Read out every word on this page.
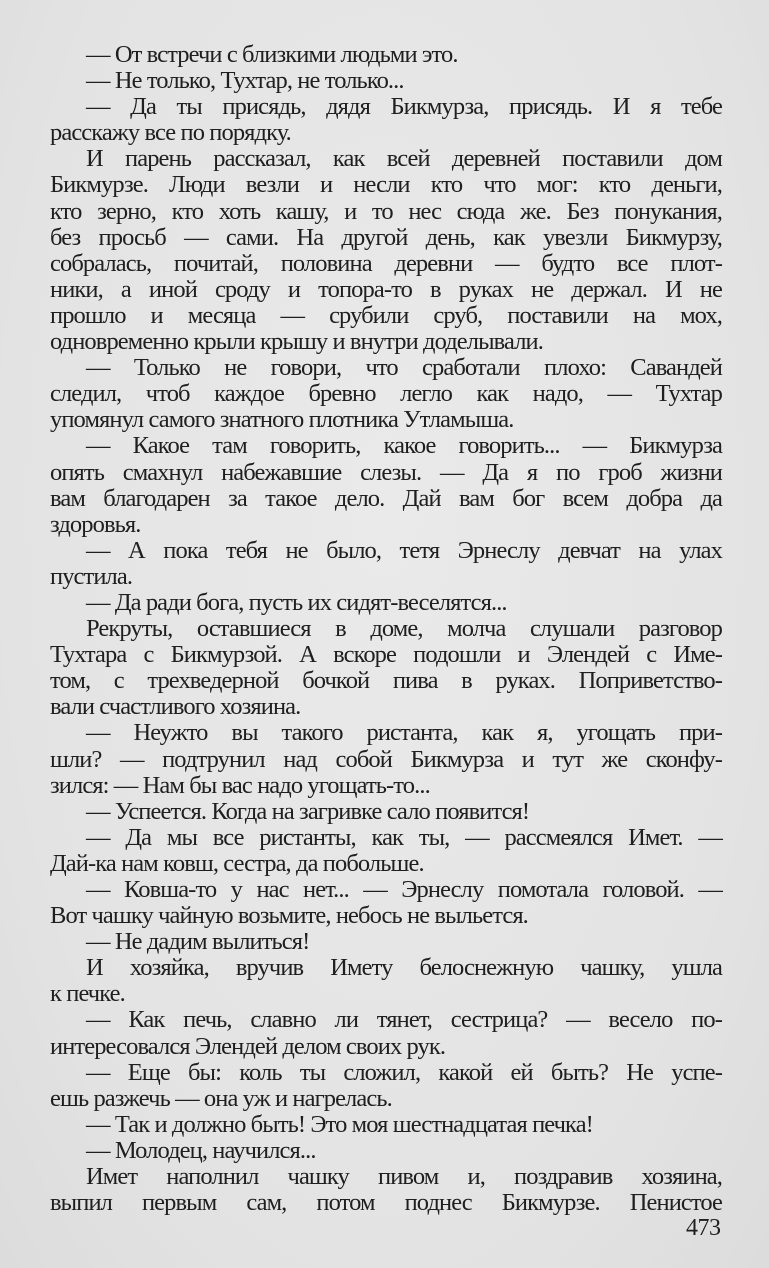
— От встречи с близкими людьми это.
— Не только, Тухтар, не только...
— Да ты присядь, дядя Бикмурза, присядь. И я тебе
расскажу все по порядку.
И парень рассказал, как всей деревней поставили дом
Бикмурзе. Люди везли и несли кто что мог: кто деньги,
кто зерно, кто хоть кашу, и то нес сюда же. Без понукания,
без просьб — сами. На другой день, как увезли Бикмурзу,
собралась, почитай, половина деревни — будто все плот-
ники, а иной сроду и топора-то в руках не держал. И не
прошло и месяца — срубили сруб, поставили на мох,
одновременно крыли крышу и внутри доделывали.
— Только не говори, что сработали плохо: Савандей
следил, чтоб каждое бревно легло как надо, — Тухтар
упомянул самого знатного плотника Утламыша.
— Какое там говорить, какое говорить... — Бикмурза
опять смахнул набежавшие слезы. — Да я по гроб жизни
вам благодарен за такое дело. Дай вам бог всем добра да
здоровья.
— А пока тебя не было, тетя Эрнеслу девчат на улах
пустила.
— Да ради бога, пусть их сидят-веселятся...
Рекруты, оставшиеся в доме, молча слушали разговор
Тухтара с Бикмурзой. А вскоре подошли и Элендей с Име-
том, с трехведерной бочкой пива в руках. Поприветство-
вали счастливого хозяина.
— Неужто вы такого ристанта, как я, угощать при-
шли? — подтрунил над собой Бикмурза и тут же сконфу-
зился: — Нам бы вас надо угощать-то...
— Успеется. Когда на загривке сало появится!
— Да мы все ристанты, как ты, — рассмеялся Имет. —
Дай-ка нам ковш, сестра, да побольше.
— Ковша-то у нас нет... — Эрнеслу помотала головой. —
Вот чашку чайную возьмите, небось не выльется.
— Не дадим вылиться!
И хозяйка, вручив Имету белоснежную чашку, ушла
к печке.
— Как печь, славно ли тянет, сестрица? — весело по-
интересовался Элендей делом своих рук.
— Еще бы: коль ты сложил, какой ей быть? Не успе-
ешь разжечь — она уж и нагрелась.
— Так и должно быть! Это моя шестнадцатая печка!
— Молодец, научился...
Имет наполнил чашку пивом и, поздравив хозяина,
выпил первым сам, потом поднес Бикмурзе. Пенистое
473
